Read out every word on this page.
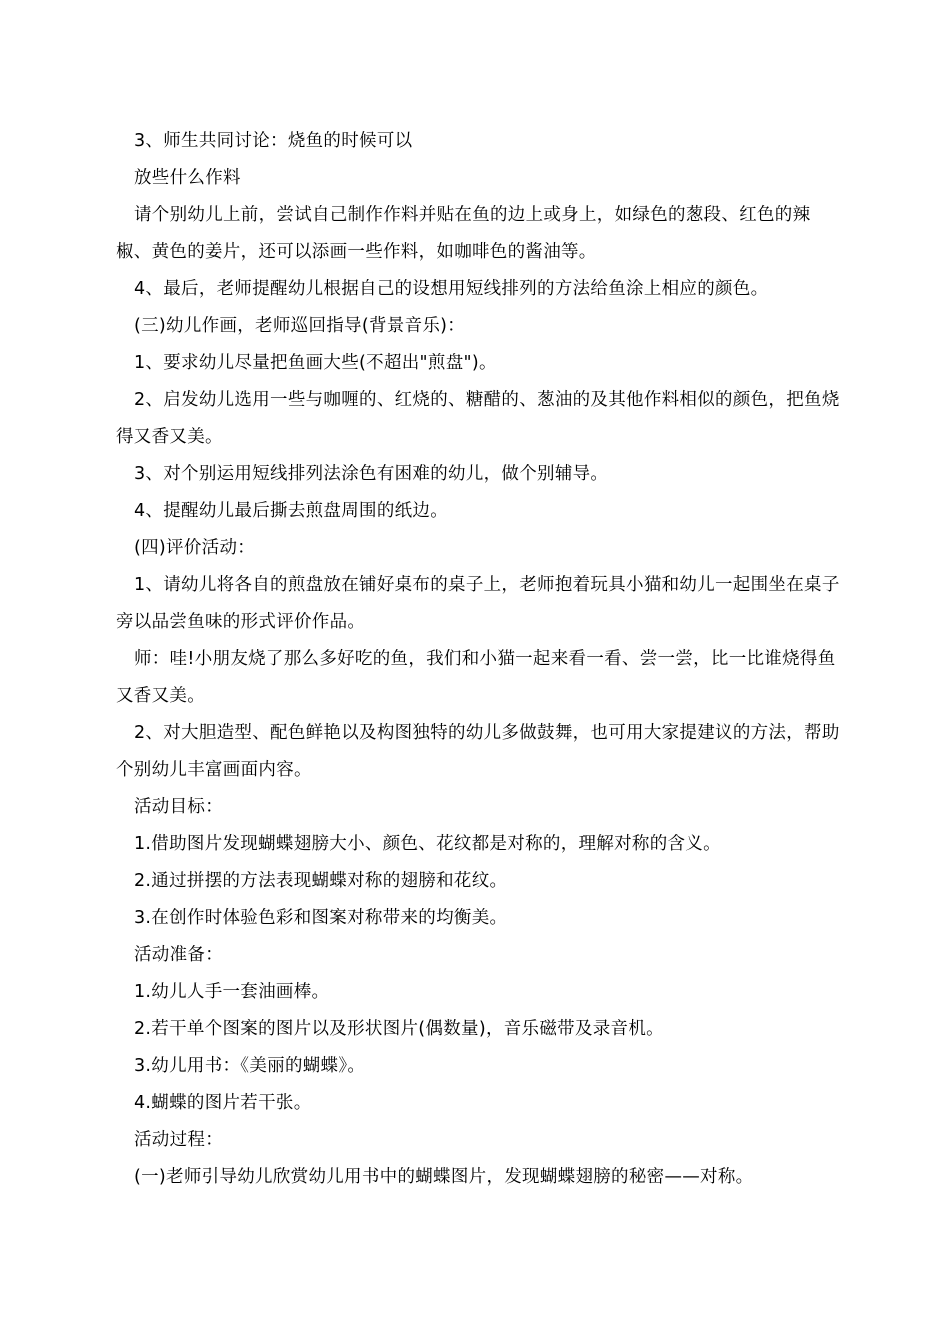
3、师生共同讨论：烧鱼的时候可以

放些什么作料

请个别幼儿上前，尝试自己制作作料并贴在鱼的边上或身上，如绿色的葱段、红色的辣椒、黄色的姜片，还可以添画一些作料，如咖啡色的酱油等。

4、最后，老师提醒幼儿根据自己的设想用短线排列的方法给鱼涂上相应的颜色。

(三)幼儿作画，老师巡回指导(背景音乐)：

1、要求幼儿尽量把鱼画大些(不超出"煎盘")。

2、启发幼儿选用一些与咖喱的、红烧的、糖醋的、葱油的及其他作料相似的颜色，把鱼烧得又香又美。

3、对个别运用短线排列法涂色有困难的幼儿，做个别辅导。

4、提醒幼儿最后撕去煎盘周围的纸边。

(四)评价活动：

1、请幼儿将各自的煎盘放在铺好桌布的桌子上，老师抱着玩具小猫和幼儿一起围坐在桌子旁以品尝鱼味的形式评价作品。

师：哇!小朋友烧了那么多好吃的鱼，我们和小猫一起来看一看、尝一尝，比一比谁烧得鱼又香又美。

2、对大胆造型、配色鲜艳以及构图独特的幼儿多做鼓舞，也可用大家提建议的方法，帮助个别幼儿丰富画面内容。

活动目标：

1.借助图片发现蝴蝶翅膀大小、颜色、花纹都是对称的，理解对称的含义。

2.通过拼摆的方法表现蝴蝶对称的翅膀和花纹。

3.在创作时体验色彩和图案对称带来的均衡美。

活动准备：

1.幼儿人手一套油画棒。

2.若干单个图案的图片以及形状图片(偶数量)，音乐磁带及录音机。

3.幼儿用书：《美丽的蝴蝶》。

4.蝴蝶的图片若干张。

活动过程：

(一)老师引导幼儿欣赏幼儿用书中的蝴蝶图片，发现蝴蝶翅膀的秘密——对称。
